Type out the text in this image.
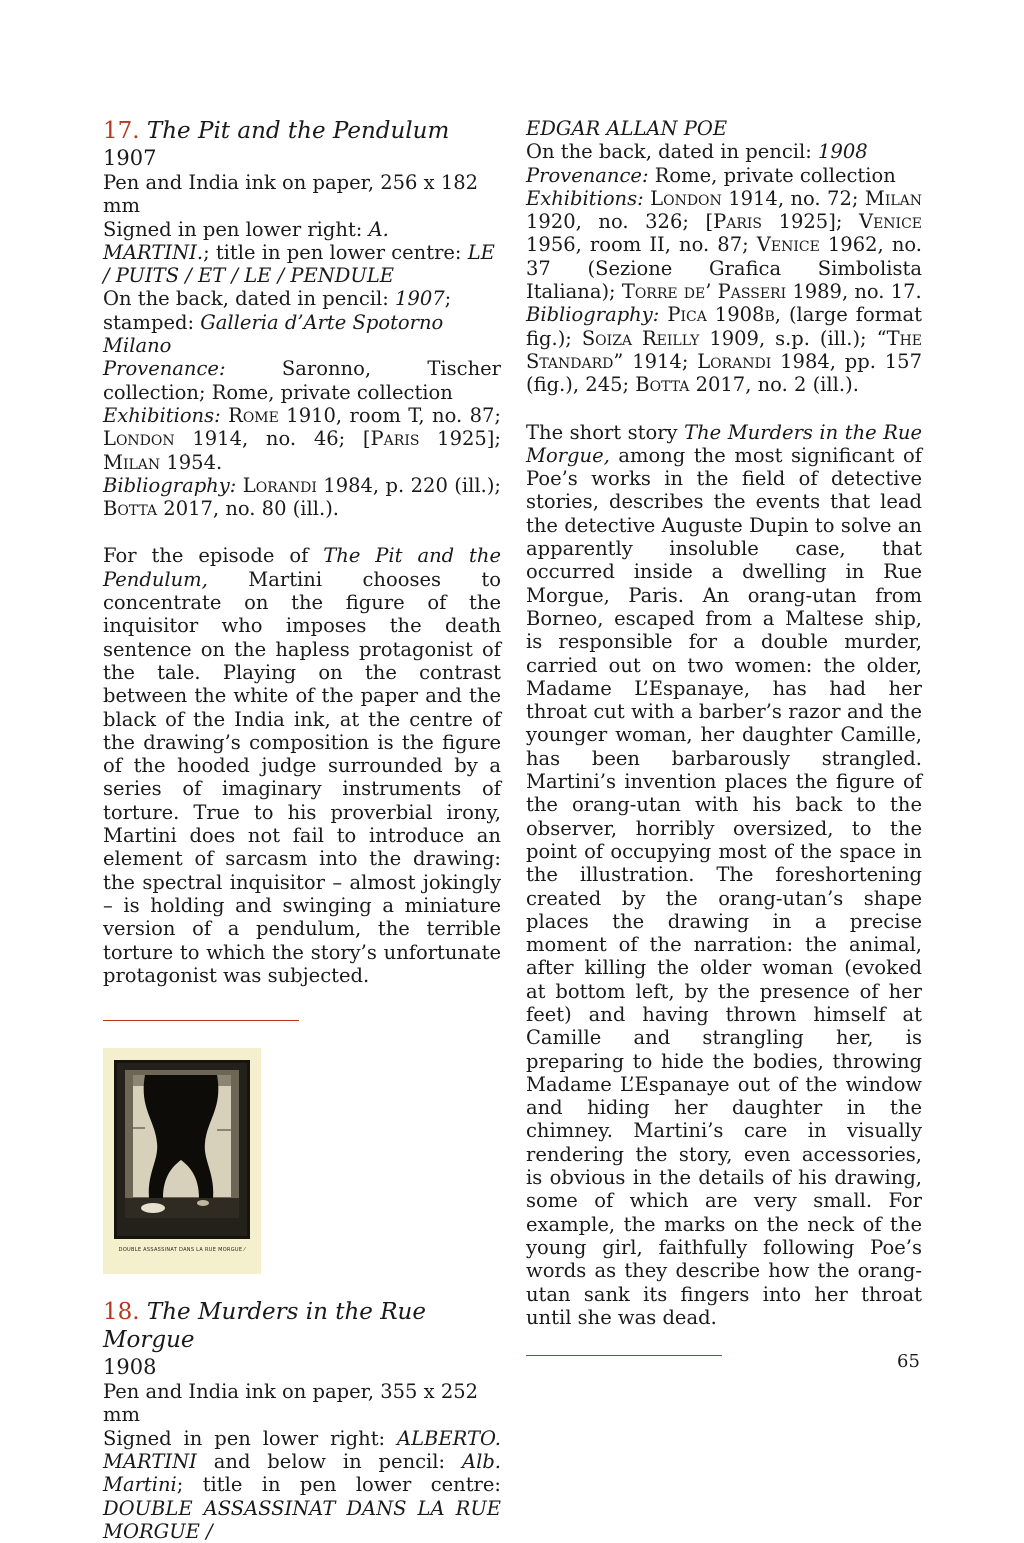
17. The Pit and the Pendulum

1907

Pen and India ink on paper, 256 x 182 mm

Signed in pen lower right: A. MARTINI.; title in pen lower centre: LE / PUITS / ET / LE / PENDULE

On the back, dated in pencil: 1907; stamped: Galleria d’Arte Spotorno Milano

Provenance: Saronno, Tischer collection; Rome, private collection

Exhibitions: Rome 1910, room T, no. 87; London 1914, no. 46; [Paris 1925]; Milan 1954.

Bibliography: Lorandi 1984, p. 220 (ill.); Botta 2017, no. 80 (ill.).

For the episode of The Pit and the Pendulum, Martini chooses to concentrate on the figure of the inquisitor who imposes the death sentence on the hapless protagonist of the tale. Playing on the contrast between the white of the paper and the black of the India ink, at the centre of the drawing’s composition is the figure of the hooded judge surrounded by a series of imaginary instruments of torture. True to his proverbial irony, Martini does not fail to introduce an element of sarcasm into the drawing: the spectral inquisitor – almost jokingly – is holding and swinging a miniature version of a pendulum, the terrible torture to which the story’s unfortunate protagonist was subjected.

DOUBLE ASSASSINAT DANS LA RUE MORGUE ⁄

18. The Murders in the Rue Morgue

1908

Pen and India ink on paper, 355 x 252 mm

Signed in pen lower right: ALBERTO. MARTINI and below in pencil: Alb. Martini; title in pen lower centre: DOUBLE ASSASSINAT DANS LA RUE MORGUE /

EDGAR ALLAN POE

On the back, dated in pencil: 1908

Provenance: Rome, private collection

Exhibitions: London 1914, no. 72; Milan 1920, no. 326; [Paris 1925]; Venice 1956, room II, no. 87; Venice 1962, no. 37 (Sezione Grafica Simbolista Italiana); Torre de’ Passeri 1989, no. 17.

Bibliography: Pica 1908b, (large format fig.); Soiza Reilly 1909, s.p. (ill.); “The Standard” 1914; Lorandi 1984, pp. 157 (fig.), 245; Botta 2017, no. 2 (ill.).

The short story The Murders in the Rue Morgue, among the most significant of Poe’s works in the field of detective stories, describes the events that lead the detective Auguste Dupin to solve an apparently insoluble case, that occurred inside a dwelling in Rue Morgue, Paris. An orang-utan from Borneo, escaped from a Maltese ship, is responsible for a double murder, carried out on two women: the older, Madame L’Espanaye, has had her throat cut with a barber’s razor and the younger woman, her daughter Camille, has been barbarously strangled. Martini’s invention places the figure of the orang-utan with his back to the observer, horribly oversized, to the point of occupying most of the space in the illustration. The foreshortening created by the orang-utan’s shape places the drawing in a precise moment of the narration: the animal, after killing the older woman (evoked at bottom left, by the presence of her feet) and having thrown himself at Camille and strangling her, is preparing to hide the bodies, throwing Madame L’Espanaye out of the window and hiding her daughter in the chimney. Martini’s care in visually rendering the story, even accessories, is obvious in the details of his drawing, some of which are very small. For example, the marks on the neck of the young girl, faithfully following Poe’s words as they describe how the orang-utan sank its fingers into her throat until she was dead.

65
